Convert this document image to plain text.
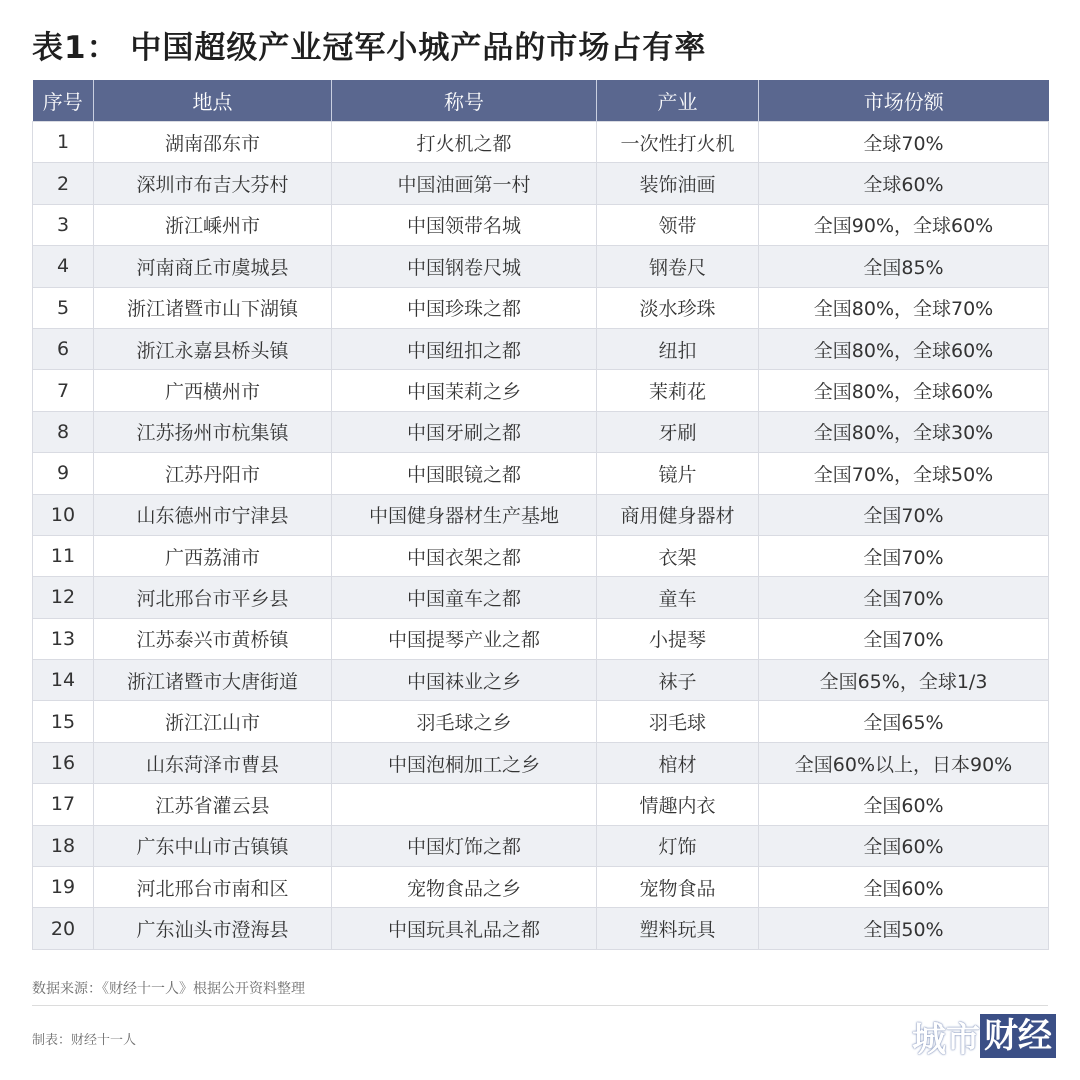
表1： 中国超级产业冠军小城产品的市场占有率
序号	地点	称号	产业	市场份额
1	湖南邵东市	打火机之都	一次性打火机	全球70%
2	深圳市布吉大芬村	中国油画第一村	装饰油画	全球60%
3	浙江嵊州市	中国领带名城	领带	全国90%，全球60%
4	河南商丘市虞城县	中国钢卷尺城	钢卷尺	全国85%
5	浙江诸暨市山下湖镇	中国珍珠之都	淡水珍珠	全国80%，全球70%
6	浙江永嘉县桥头镇	中国纽扣之都	纽扣	全国80%，全球60%
7	广西横州市	中国茉莉之乡	茉莉花	全国80%，全球60%
8	江苏扬州市杭集镇	中国牙刷之都	牙刷	全国80%，全球30%
9	江苏丹阳市	中国眼镜之都	镜片	全国70%，全球50%
10	山东德州市宁津县	中国健身器材生产基地	商用健身器材	全国70%
11	广西荔浦市	中国衣架之都	衣架	全国70%
12	河北邢台市平乡县	中国童车之都	童车	全国70%
13	江苏泰兴市黄桥镇	中国提琴产业之都	小提琴	全国70%
14	浙江诸暨市大唐街道	中国袜业之乡	袜子	全国65%，全球1/3
15	浙江江山市	羽毛球之乡	羽毛球	全国65%
16	山东菏泽市曹县	中国泡桐加工之乡	棺材	全国60%以上，日本90%
17	江苏省灌云县		情趣内衣	全国60%
18	广东中山市古镇镇	中国灯饰之都	灯饰	全国60%
19	河北邢台市南和区	宠物食品之乡	宠物食品	全国60%
20	广东汕头市澄海县	中国玩具礼品之都	塑料玩具	全国50%
数据来源：《财经十一人》根据公开资料整理
制表：财经十一人	城市 财经
